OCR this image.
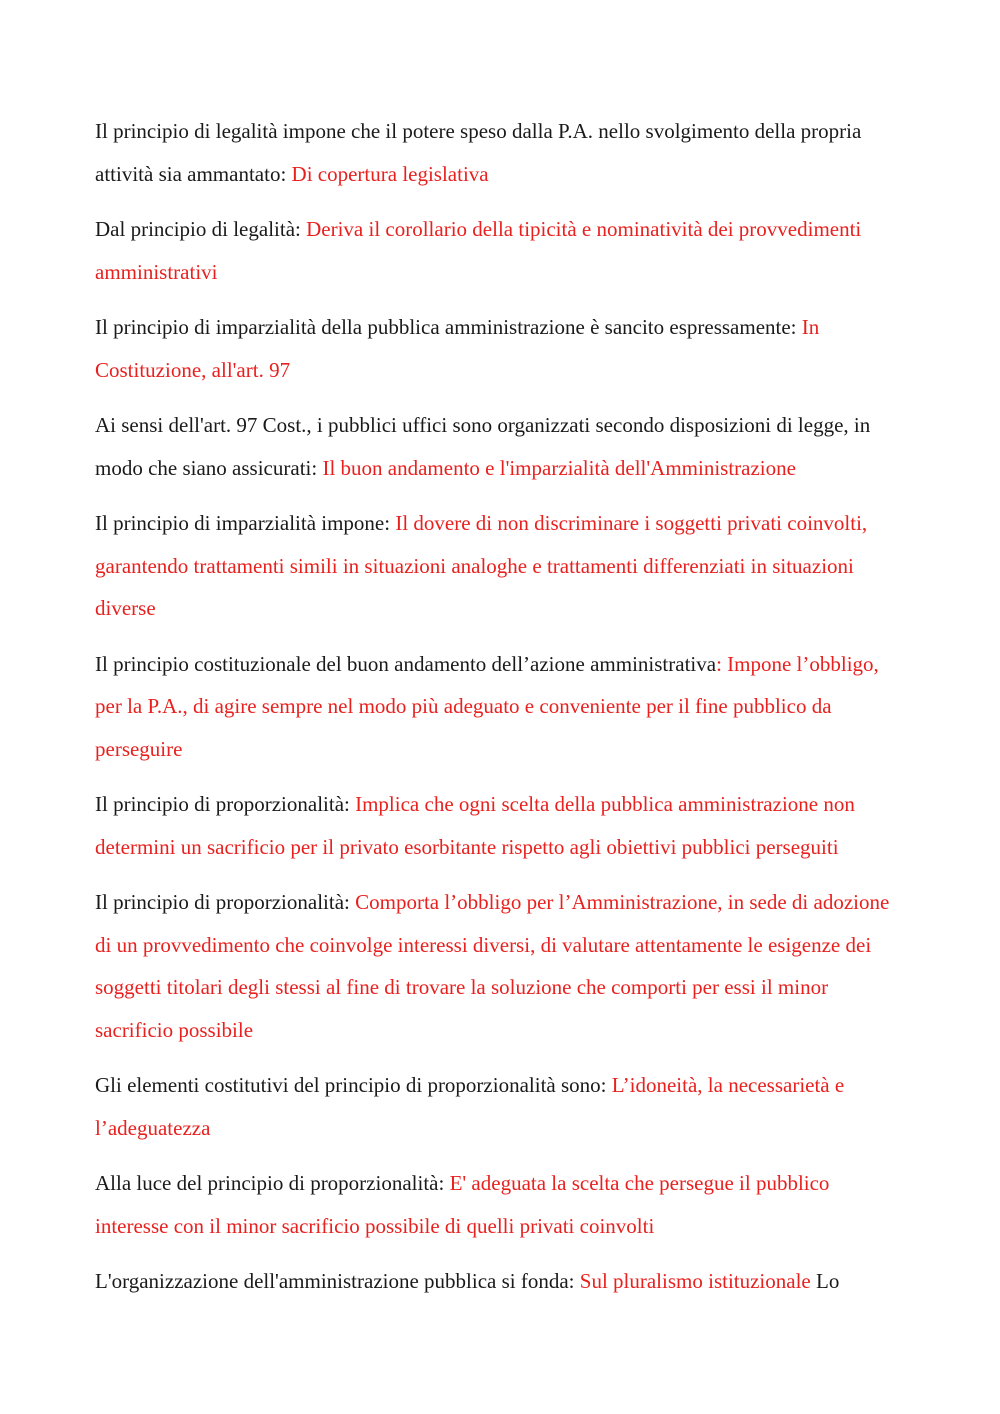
Il principio di legalità impone che il potere speso dalla P.A. nello svolgimento della propria attività sia ammantato: Di copertura legislativa

Dal principio di legalità: Deriva il corollario della tipicità e nominatività dei provvedimenti amministrativi

Il principio di imparzialità della pubblica amministrazione è sancito espressamente: In Costituzione, all'art. 97

Ai sensi dell'art. 97 Cost., i pubblici uffici sono organizzati secondo disposizioni di legge, in modo che siano assicurati: Il buon andamento e l'imparzialità dell'Amministrazione

Il principio di imparzialità impone: Il dovere di non discriminare i soggetti privati coinvolti, garantendo trattamenti simili in situazioni analoghe e trattamenti differenziati in situazioni diverse

Il principio costituzionale del buon andamento dell’azione amministrativa: Impone l’obbligo, per la P.A., di agire sempre nel modo più adeguato e conveniente per il fine pubblico da perseguire

Il principio di proporzionalità: Implica che ogni scelta della pubblica amministrazione non determini un sacrificio per il privato esorbitante rispetto agli obiettivi pubblici perseguiti

Il principio di proporzionalità: Comporta l’obbligo per l’Amministrazione, in sede di adozione di un provvedimento che coinvolge interessi diversi, di valutare attentamente le esigenze dei soggetti titolari degli stessi al fine di trovare la soluzione che comporti per essi il minor sacrificio possibile

Gli elementi costitutivi del principio di proporzionalità sono: L’idoneità, la necessarietà e l’adeguatezza

Alla luce del principio di proporzionalità: E' adeguata la scelta che persegue il pubblico interesse con il minor sacrificio possibile di quelli privati coinvolti

L'organizzazione dell'amministrazione pubblica si fonda: Sul pluralismo istituzionale Lo
